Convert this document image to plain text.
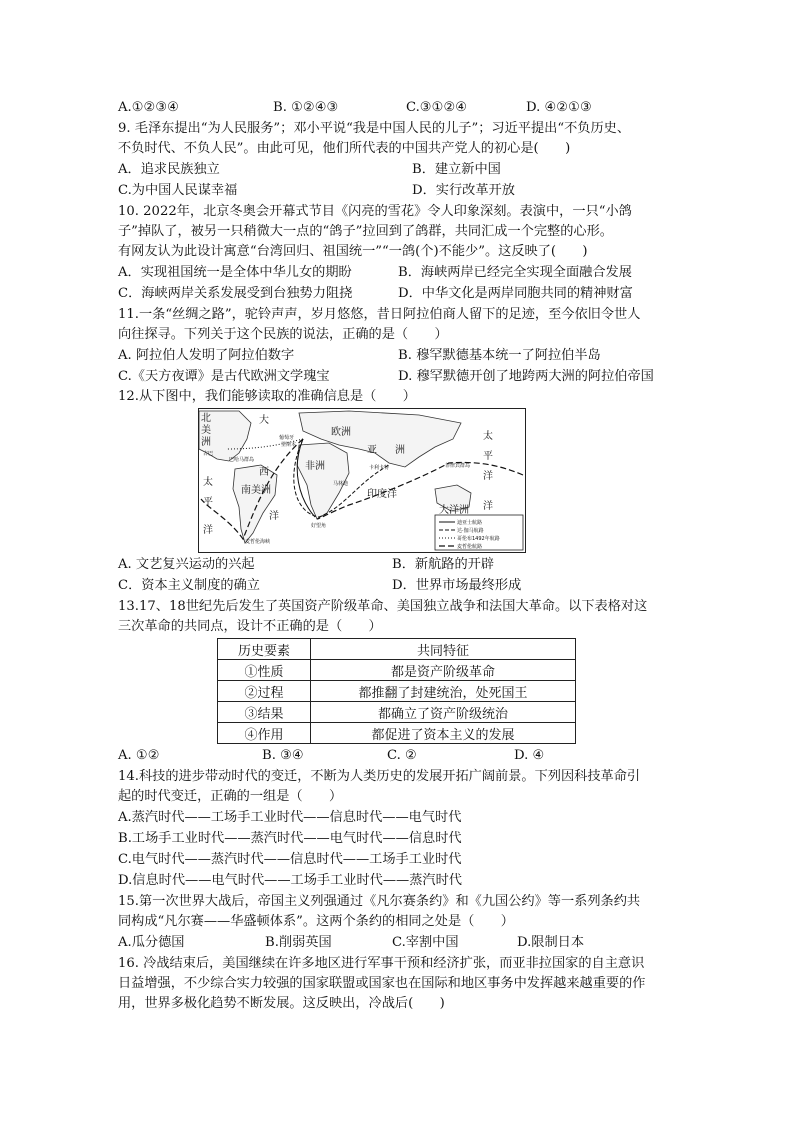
A.①②③④	B. ①②④③	C.③①②④	D. ④②①③
9. 毛泽东提出“为人民服务”；邓小平说“我是中国人民的儿子”；习近平提出“不负历史、
不负时代、不负人民”。由此可见，他们所代表的中国共产党人的初心是(　　)
A．追求民族独立	B．建立新中国
C.为中国人民谋幸福	D．实行改革开放
10. 2022年，北京冬奥会开幕式节目《闪亮的雪花》令人印象深刻。表演中，一只“小鸽
子”掉队了，被另一只稍微大一点的“鸽子”拉回到了鸽群，共同汇成一个完整的心形。
有网友认为此设计寓意“台湾回归、祖国统一”“一鸽(个)不能少”。这反映了(　　)
A．实现祖国统一是全体中华儿女的期盼	B．海峡两岸已经完全实现全面融合发展
C．海峡两岸关系发展受到台独势力阻挠	D．中华文化是两岸同胞共同的精神财富
11.一条“丝绸之路”，驼铃声声，岁月悠悠，昔日阿拉伯商人留下的足迹，至今依旧令世人
向往探寻。下列关于这个民族的说法，正确的是（　　）
A. 阿拉伯人发明了阿拉伯数字	B. 穆罕默德基本统一了阿拉伯半岛
C.《天方夜谭》是古代欧洲文学瑰宝	D. 穆罕默德开创了地跨两大洲的阿拉伯帝国
12.从下图中，我们能够读取的准确信息是（　　）
迪亚士航路
达·伽马航路
哥伦布1492年航路
麦哲伦航路
北
美
洲
大
欧洲
亚 洲
非洲
太
平
洋
西
南美洲
洋
印度洋
大洋洲 洋
太
平
洋
葡萄牙
里斯本
古巴
巴哈马群岛
卡利卡特	菲律宾群岛
马林迪
好望角
麦哲伦海峡
A. 文艺复兴运动的兴起	B．新航路的开辟
C．资本主义制度的确立	D．世界市场最终形成
13.17、18世纪先后发生了英国资产阶级革命、美国独立战争和法国大革命。以下表格对这
三次革命的共同点，设计不正确的是（　　）
历史要素	共同特征
①性质	都是资产阶级革命
②过程	都推翻了封建统治，处死国王
③结果	都确立了资产阶级统治
④作用	都促进了资本主义的发展
A. ①②	B. ③④	C. ②	D. ④
14.科技的进步带动时代的变迁，不断为人类历史的发展开拓广阔前景。下列因科技革命引
起的时代变迁，正确的一组是（　　）
A.蒸汽时代——工场手工业时代——信息时代——电气时代
B.工场手工业时代——蒸汽时代——电气时代——信息时代
C.电气时代——蒸汽时代——信息时代——工场手工业时代
D.信息时代——电气时代——工场手工业时代——蒸汽时代
15.第一次世界大战后，帝国主义列强通过《凡尔赛条约》和《九国公约》等一系列条约共
同构成“凡尔赛——华盛顿体系”。这两个条约的相同之处是（　　）
A.瓜分德国	B.削弱英国	C.宰割中国	D.限制日本
16. 冷战结束后，美国继续在许多地区进行军事干预和经济扩张，而亚非拉国家的自主意识
日益增强，不少综合实力较强的国家联盟或国家也在国际和地区事务中发挥越来越重要的作
用，世界多极化趋势不断发展。这反映出，冷战后(　　)
